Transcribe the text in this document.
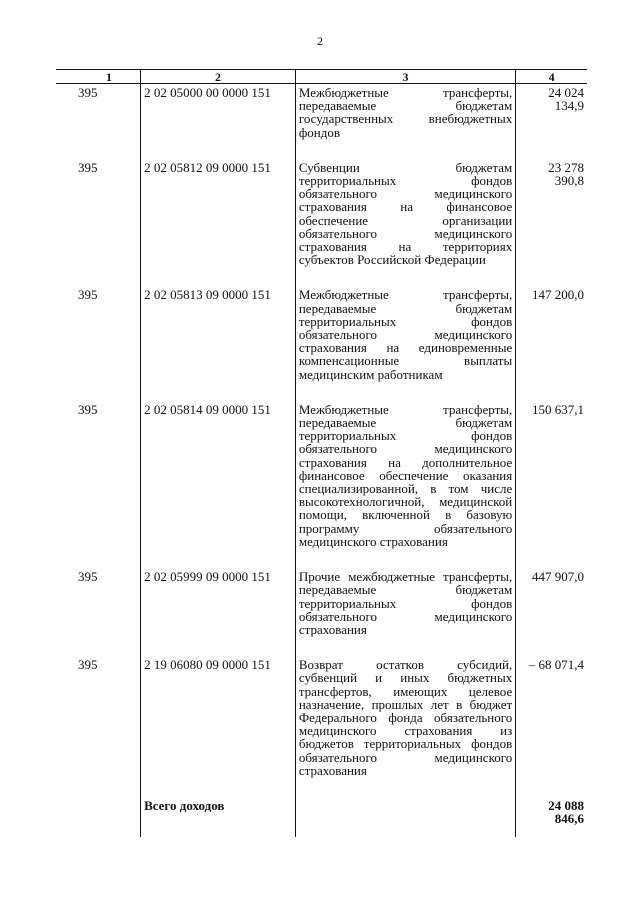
2
1	2	3	4
395	2 02 05000 00 0000 151	Межбюджетные трансферты, передаваемые бюджетам государственных внебюджетных фондов	24 024 134,9
395	2 02 05812 09 0000 151	Субвенции бюджетам территориальных фондов обязательного медицинского страхования на финансовое обеспечение организации обязательного медицинского страхования на территориях субъектов Российской Федерации	23 278 390,8
395	2 02 05813 09 0000 151	Межбюджетные трансферты, передаваемые бюджетам территориальных фондов обязательного медицинского страхования на единовременные компенсационные выплаты медицинским работникам	147 200,0
395	2 02 05814 09 0000 151	Межбюджетные трансферты, передаваемые бюджетам территориальных фондов обязательного медицинского страхования на дополнительное финансовое обеспечение оказания специализированной, в том числе высокотехнологичной, медицинской помощи, включенной в базовую программу обязательного медицинского страхования	150 637,1
395	2 02 05999 09 0000 151	Прочие межбюджетные трансферты, передаваемые бюджетам территориальных фондов обязательного медицинского страхования	447 907,0
395	2 19 06080 09 0000 151	Возврат остатков субсидий, субвенций и иных бюджетных трансфертов, имеющих целевое назначение, прошлых лет в бюджет Федерального фонда обязательного медицинского страхования из бюджетов территориальных фондов обязательного медицинского страхования	– 68 071,4
	Всего доходов		24 088 846,6
